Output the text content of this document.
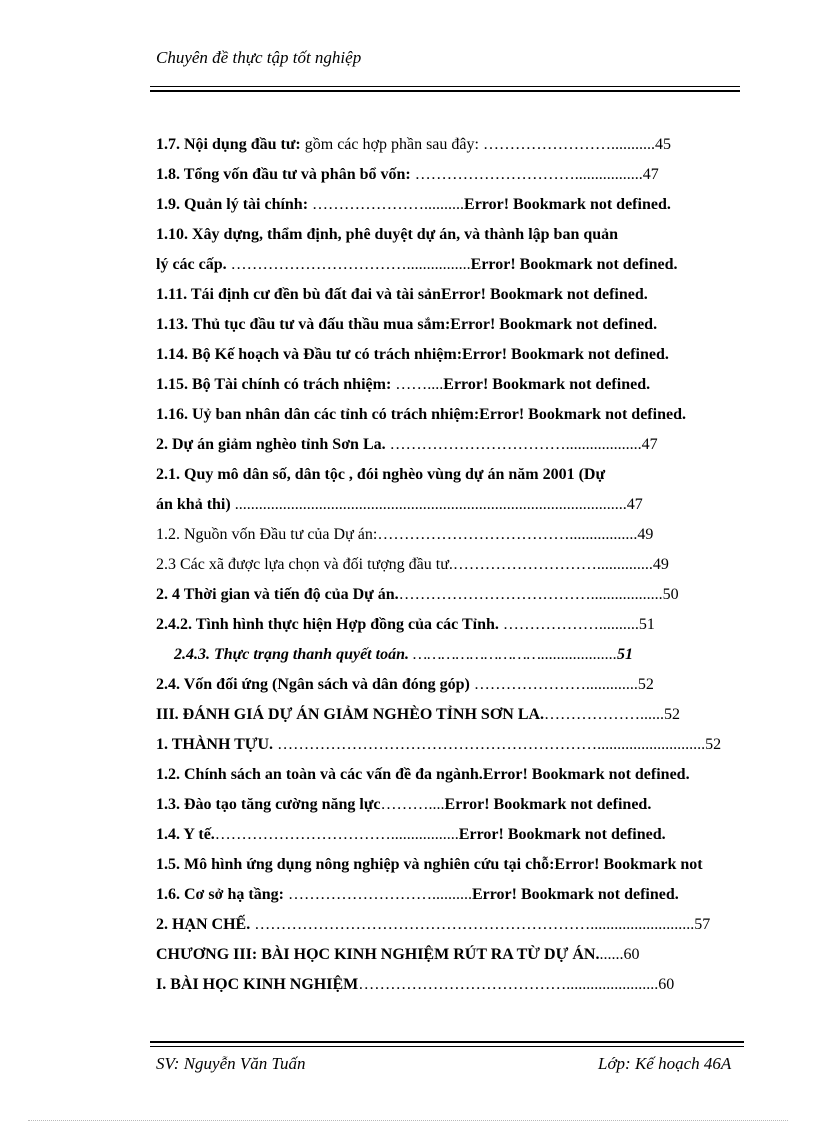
Chuyên đề thực tập tốt nghiệp
1.7. Nội dụng đầu tư: gồm các hợp phần sau đây: ……………………...........45
1.8. Tổng vốn đầu tư và phân bổ vốn: ………………………….................47
1.9. Quản lý tài chính: …………………..........Error! Bookmark not defined.
1.10. Xây dựng, thẩm định, phê duyệt dự án, và thành lập ban quản
lý các cấp. ……………………………................Error! Bookmark not defined.
1.11. Tái định cư đền bù đất đai và tài sảnError! Bookmark not defined.
1.13. Thủ tục đầu tư và đấu thầu mua sắm:Error! Bookmark not defined.
1.14. Bộ Kế hoạch và Đầu tư có trách nhiệm:Error! Bookmark not defined.
1.15. Bộ Tài chính có trách nhiệm: ……....Error! Bookmark not defined.
1.16. Uỷ ban nhân dân các tỉnh có trách nhiệm:Error! Bookmark not defined.
2. Dự án giảm nghèo tỉnh Sơn La. ……………………………...................47
2.1. Quy mô dân số, dân tộc , đói nghèo vùng dự án năm 2001 (Dự
án khả thi) ..................................................................................................47
1.2. Nguồn vốn Đầu tư của Dự án:……………………………….................49
2.3 Các xã được lựa chọn và đối tượng đầu tư.………………………..............49
2. 4 Thời gian và tiến độ của Dự án.………………………………..................50
2.4.2. Tình hình thực hiện Hợp đồng của các Tỉnh. ………………..........51
2.4.3. Thực trạng thanh quyết toán. ………………………...................51
2.4. Vốn đối ứng (Ngân sách và dân đóng góp) ………………….............52
III. ĐÁNH GIÁ DỰ ÁN GIẢM NGHÈO TỈNH SƠN LA.………………......52
1. THÀNH TỰU. ……………………………………………………...........................52
1.2. Chính sách an toàn và các vấn đề đa ngành.Error! Bookmark not defined.
1.3. Đào tạo tăng cường năng lực………....Error! Bookmark not defined.
1.4. Y tế.…………………………….................Error! Bookmark not defined.
1.5. Mô hình ứng dụng nông nghiệp và nghiên cứu tại chỗ:Error! Bookmark not
1.6. Cơ sở hạ tầng: ………………………..........Error! Bookmark not defined.
2. HẠN CHẾ. ………………………………………………………..........................57
CHƯƠNG III: BÀI HỌC KINH NGHIỆM RÚT RA TỪ DỰ ÁN.......60
I. BÀI HỌC KINH NGHIỆM………………………………….......................60
SV: Nguyễn Văn Tuấn	Lớp: Kế hoạch 46A
